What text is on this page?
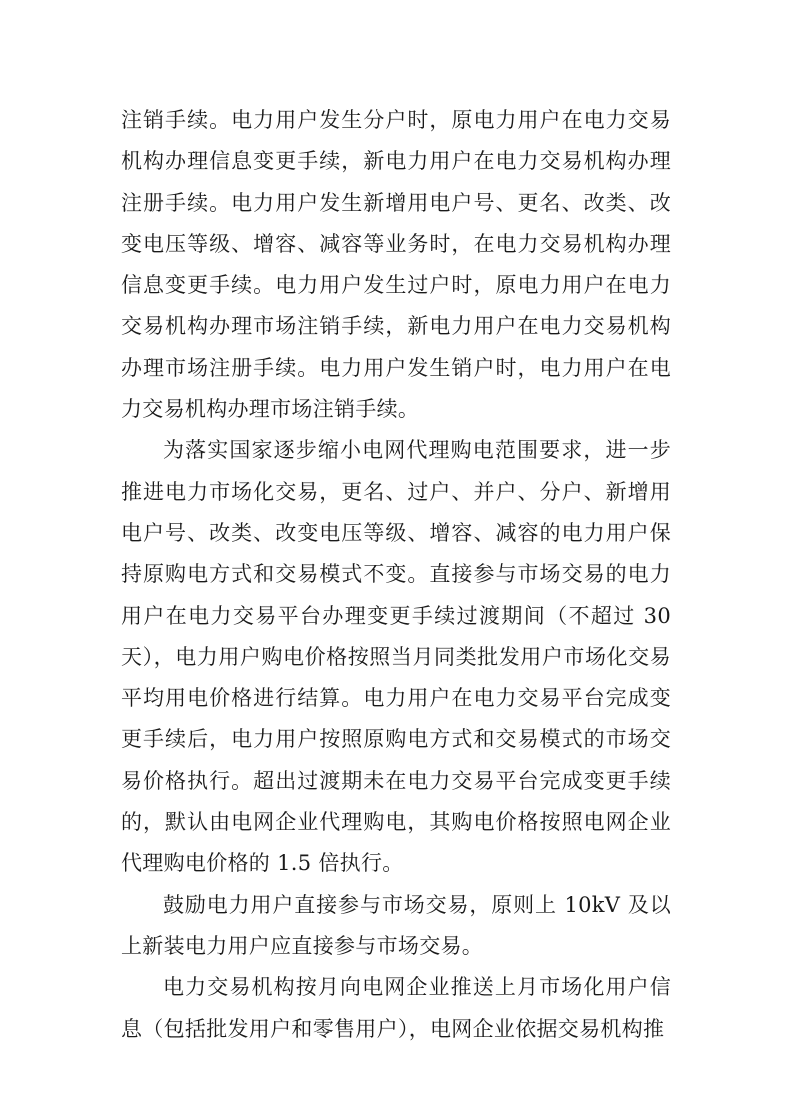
注销手续。电力用户发生分户时，原电力用户在电力交易机构办理信息变更手续，新电力用户在电力交易机构办理注册手续。电力用户发生新增用电户号、更名、改类、改变电压等级、增容、减容等业务时，在电力交易机构办理信息变更手续。电力用户发生过户时，原电力用户在电力交易机构办理市场注销手续，新电力用户在电力交易机构办理市场注册手续。电力用户发生销户时，电力用户在电力交易机构办理市场注销手续。

为落实国家逐步缩小电网代理购电范围要求，进一步推进电力市场化交易，更名、过户、并户、分户、新增用电户号、改类、改变电压等级、增容、减容的电力用户保持原购电方式和交易模式不变。直接参与市场交易的电力用户在电力交易平台办理变更手续过渡期间（不超过 30 天），电力用户购电价格按照当月同类批发用户市场化交易平均用电价格进行结算。电力用户在电力交易平台完成变更手续后，电力用户按照原购电方式和交易模式的市场交易价格执行。超出过渡期未在电力交易平台完成变更手续的，默认由电网企业代理购电，其购电价格按照电网企业代理购电价格的 1.5 倍执行。

鼓励电力用户直接参与市场交易，原则上 10kV 及以上新装电力用户应直接参与市场交易。

电力交易机构按月向电网企业推送上月市场化用户信息（包括批发用户和零售用户），电网企业依据交易机构推
